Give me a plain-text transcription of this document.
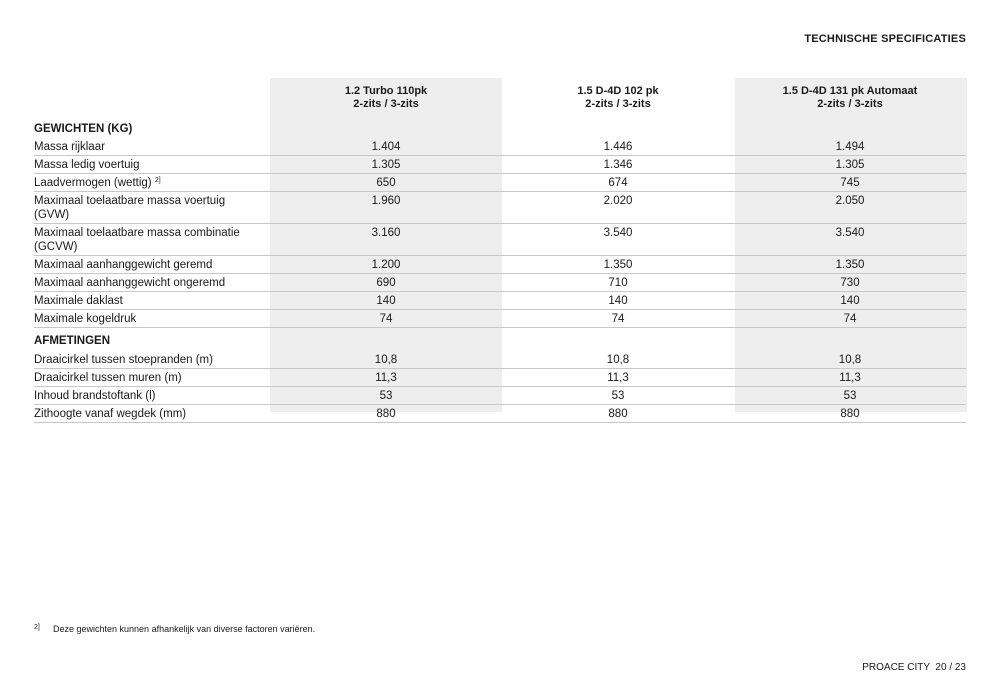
TECHNISCHE SPECIFICATIES
1.2 Turbo 110pk
2-zits / 3-zits
1.5 D-4D 102 pk
2-zits / 3-zits
1.5 D-4D 131 pk Automaat
2-zits / 3-zits
GEWICHTEN (KG)
Massa rijklaar	1.404	1.446	1.494
Massa ledig voertuig	1.305	1.346	1.305
Laadvermogen (wettig) $^{2]}$	650	674	745
Maximaal toelaatbare massa voertuig
(GVW)
1.960	2.020	2.050
Maximaal toelaatbare massa combinatie
(GCVW)
3.160	3.540	3.540
Maximaal aanhanggewicht geremd	1.200	1.350	1.350
Maximaal aanhanggewicht ongeremd	690	710	730
Maximale daklast	140	140	140
Maximale kogeldruk	74	74	74
AFMETINGEN
Draaicirkel tussen stoepranden (m)	10,8	10,8	10,8
Draaicirkel tussen muren (m)	11,3	11,3	11,3
Inhoud brandstoftank (l)	53	53	53
Zithoogte vanaf wegdek (mm)	880	880	880
2]	Deze gewichten kunnen afhankelijk van diverse factoren variëren.
PROACE CITY  20 / 23
